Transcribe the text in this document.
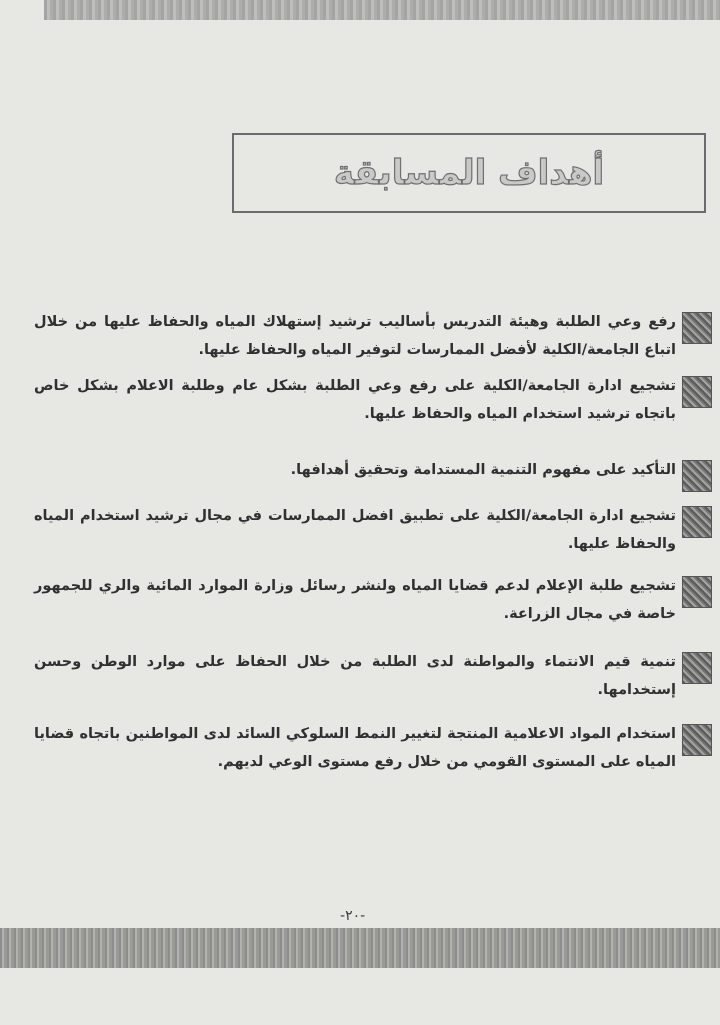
أهداف المسابقة
رفع وعي الطلبة وهيئة التدريس بأساليب ترشيد إستهلاك المياه والحفاظ عليها من خلال اتباع الجامعة/الكلية لأفضل الممارسات لتوفير المياه والحفاظ عليها.
تشجيع ادارة الجامعة/الكلية على رفع وعي الطلبة بشكل عام وطلبة الاعلام بشكل خاص باتجاه ترشيد استخدام المياه والحفاظ عليها.
التأكيد على مفهوم التنمية المستدامة وتحقيق أهدافها.
تشجيع ادارة الجامعة/الكلية على تطبيق افضل الممارسات في مجال ترشيد استخدام المياه والحفاظ عليها.
تشجيع طلبة الإعلام لدعم قضايا المياه ولنشر رسائل وزارة الموارد المائية والري للجمهور خاصة في مجال الزراعة.
تنمية قيم الانتماء والمواطنة لدى الطلبة من خلال الحفاظ على موارد الوطن وحسن إستخدامها.
استخدام المواد الاعلامية المنتجة لتغيير النمط السلوكي السائد لدى المواطنين باتجاه قضايا المياه على المستوى القومي من خلال رفع مستوى الوعي لديهم.
-٢٠-
